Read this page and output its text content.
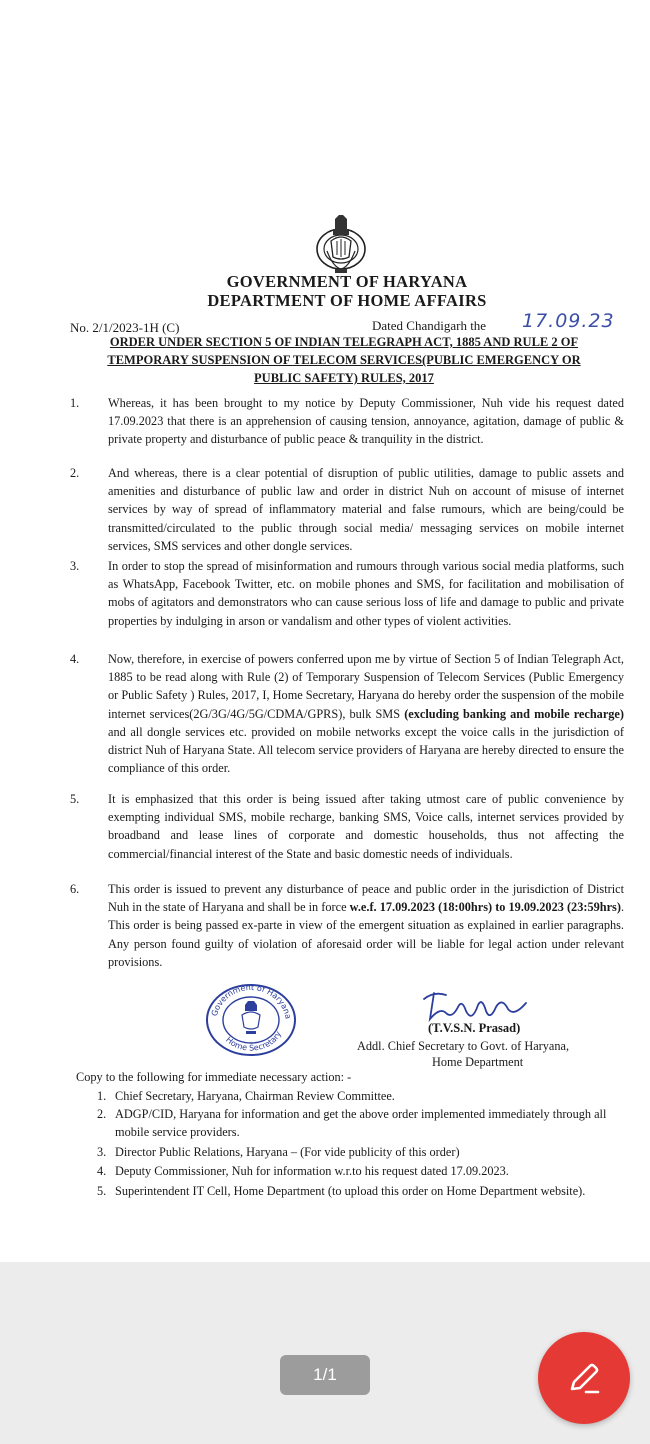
GOVERNMENT OF HARYANA
DEPARTMENT OF HOME AFFAIRS
No. 2/1/2023-1H (C)	Dated Chandigarh the 17.09.23
ORDER UNDER SECTION 5 OF INDIAN TELEGRAPH ACT, 1885 AND RULE 2 OF
TEMPORARY SUSPENSION OF TELECOM SERVICES(PUBLIC EMERGENCY OR
PUBLIC SAFETY) RULES, 2017
1.	Whereas, it has been brought to my notice by Deputy Commissioner, Nuh vide his request dated 17.09.2023 that there is an apprehension of causing tension, annoyance, agitation, damage of public & private property and disturbance of public peace & tranquility in the district.
2.	And whereas, there is a clear potential of disruption of public utilities, damage to public assets and amenities and disturbance of public law and order in district Nuh on account of misuse of internet services by way of spread of inflammatory material and false rumours, which are being/could be transmitted/circulated to the public through social media/ messaging services on mobile internet services, SMS services and other dongle services.
3.	In order to stop the spread of misinformation and rumours through various social media platforms, such as WhatsApp, Facebook Twitter, etc. on mobile phones and SMS, for facilitation and mobilisation of mobs of agitators and demonstrators who can cause serious loss of life and damage to public and private properties by indulging in arson or vandalism and other types of violent activities.
4.	Now, therefore, in exercise of powers conferred upon me by virtue of Section 5 of Indian Telegraph Act, 1885 to be read along with Rule (2) of Temporary Suspension of Telecom Services (Public Emergency or Public Safety ) Rules, 2017, I, Home Secretary, Haryana do hereby order the suspension of the mobile internet services(2G/3G/4G/5G/CDMA/GPRS), bulk SMS (excluding banking and mobile recharge) and all dongle services etc. provided on mobile networks except the voice calls in the jurisdiction of district Nuh of Haryana State. All telecom service providers of Haryana are hereby directed to ensure the compliance of this order.
5.	It is emphasized that this order is being issued after taking utmost care of public convenience by exempting individual SMS, mobile recharge, banking SMS, Voice calls, internet services provided by broadband and lease lines of corporate and domestic households, thus not affecting the commercial/financial interest of the State and basic domestic needs of individuals.
6.	This order is issued to prevent any disturbance of peace and public order in the jurisdiction of District Nuh in the state of Haryana and shall be in force w.e.f. 17.09.2023 (18:00hrs) to 19.09.2023 (23:59hrs). This order is being passed ex-parte in view of the emergent situation as explained in earlier paragraphs. Any person found guilty of violation of aforesaid order will be liable for legal action under relevant provisions.
Government of Haryana
Home Secretary	(T.V.S.N. Prasad)
Addl. Chief Secretary to Govt. of Haryana,
Home Department
Copy to the following for immediate necessary action: -
1. Chief Secretary, Haryana, Chairman Review Committee.
2. ADGP/CID, Haryana for information and get the above order implemented immediately through all mobile service providers.
3. Director Public Relations, Haryana – (For vide publicity of this order)
4. Deputy Commissioner, Nuh for information w.r.to his request dated 17.09.2023.
5. Superintendent IT Cell, Home Department (to upload this order on Home Department website).
1/1
